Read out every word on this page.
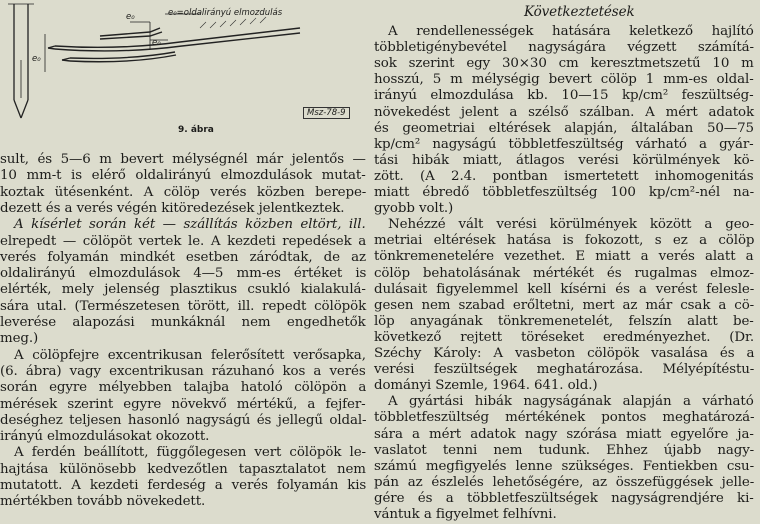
e₀=oldalirányú elmozdulás
e₀
e₀
e₀
9. ábra
Msz-78-9
sult, és 5—6 m bevert mélységnél már jelentős —
10 mm-t is elérő oldalirányú elmozdulások mutat-
koztak ütésenként. A cölöp verés közben berepe-
dezett és a verés végén kitöredezések jelentkeztek.
A kísérlet során két — szállítás közben eltört, ill.
elrepedt — cölöpöt vertek le. A kezdeti repedések a
verés folyamán mindkét esetben záródtak, de az
oldalirányú elmozdulások 4—5 mm-es értéket is
elérték, mely jelenség plasztikus csukló kialakulá-
sára utal. (Természetesen törött, ill. repedt cölöpök
leverése alapozási munkáknál nem engedhetők
meg.)
A cölöpfejre excentrikusan felerősített verősapka,
(6. ábra) vagy excentrikusan rázuhanó kos a verés
során egyre mélyebben talajba hatoló cölöpön a
mérések szerint egyre növekvő mértékű, a fejfer-
deséghez teljesen hasonló nagyságú és jellegű oldal-
irányú elmozdulásokat okozott.
A ferdén beállított, függőlegesen vert cölöpök le-
hajtása különösebb kedvezőtlen tapasztalatot nem
mutatott. A kezdeti ferdeség a verés folyamán kis
mértékben tovább növekedett.
Következtetések
A rendellenességek hatására keletkező hajlító
többletigénybevétel nagyságára végzett számítá-
sok szerint egy 30×30 cm keresztmetszetű 10 m
hosszú, 5 m mélységig bevert cölöp 1 mm-es oldal-
irányú elmozdulása kb. 10—15 kp/cm² feszültség-
növekedést jelent a szélső szálban. A mért adatok
és geometriai eltérések alapján, általában 50—75
kp/cm² nagyságú többletfeszültség várható a gyár-
tási hibák miatt, átlagos verési körülmények kö-
zött. (A 2.4. pontban ismertetett inhomogenitás
miatt ébredő többletfeszültség 100 kp/cm²-nél na-
gyobb volt.)
Nehézzé vált verési körülmények között a geo-
metriai eltérések hatása is fokozott, s ez a cölöp
tönkremenetelére vezethet. E miatt a verés alatt a
cölöp behatolásának mértékét és rugalmas elmoz-
dulásait figyelemmel kell kísérni és a verést felesle-
gesen nem szabad erőltetni, mert az már csak a cö-
löp anyagának tönkremenetelét, felszín alatt be-
következő rejtett töréseket eredményezhet. (Dr.
Széchy Károly: A vasbeton cölöpök vasalása és a
verési feszültségek meghatározása. Mélyépítéstu-
dományi Szemle, 1964. 641. old.)
A gyártási hibák nagyságának alapján a várható
többletfeszültség mértékének pontos meghatározá-
sára a mért adatok nagy szórása miatt egyelőre ja-
vaslatot tenni nem tudunk. Ehhez újabb nagy-
számú megfigyelés lenne szükséges. Fentiekben csu-
pán az észlelés lehetőségére, az összefüggések jelle-
gére és a többletfeszültségek nagyságrendjére ki-
vántuk a figyelmet felhívni.
